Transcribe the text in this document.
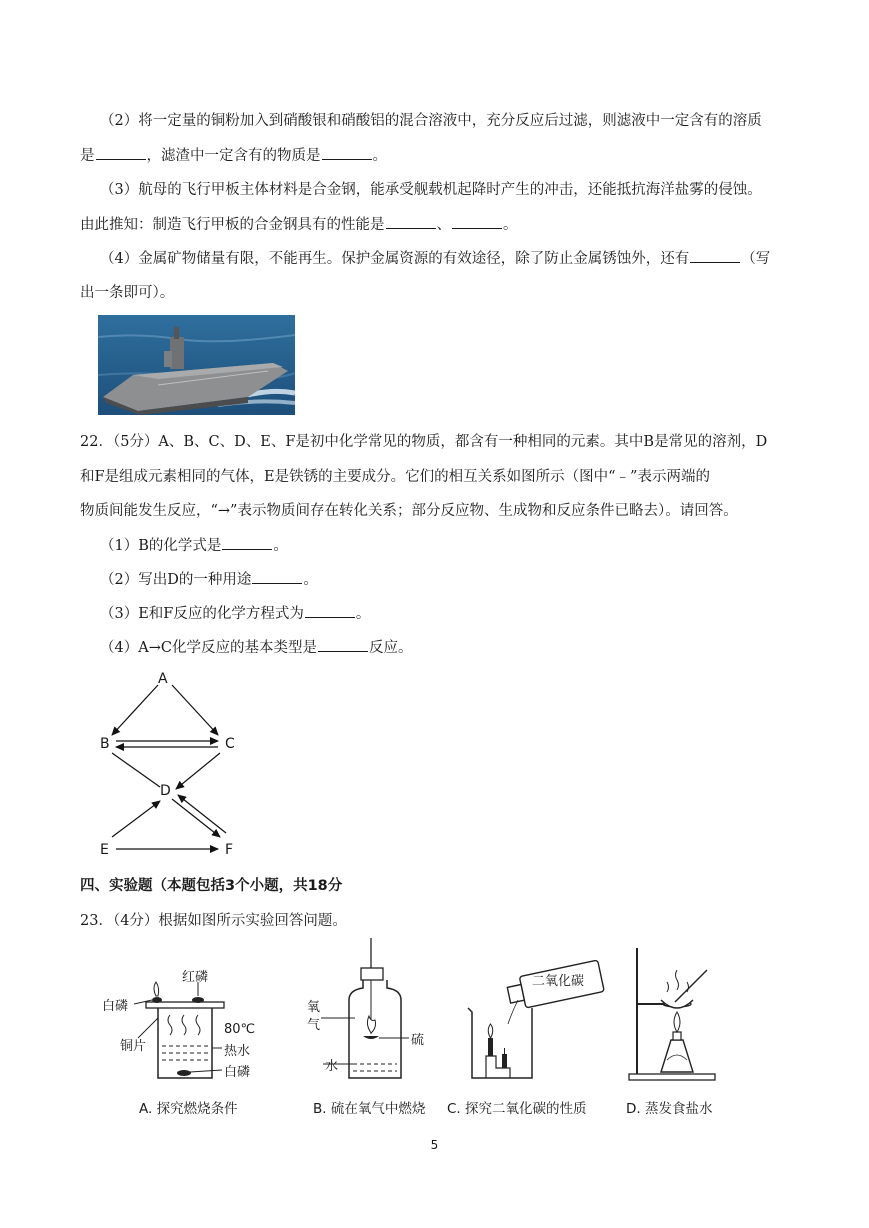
（2）将一定量的铜粉加入到硝酸银和硝酸铝的混合溶液中，充分反应后过滤，则滤液中一定含有的溶质
是	，滤渣中一定含有的物质是	。
（3）航母的飞行甲板主体材料是合金钢，能承受舰载机起降时产生的冲击，还能抵抗海洋盐雾的侵蚀。
由此推知：制造飞行甲板的合金钢具有的性能是	、	。
（4）金属矿物储量有限，不能再生。保护金属资源的有效途径，除了防止金属锈蚀外，还有	（写
出一条即可）。
22．（5分）A、B、C、D、E、F是初中化学常见的物质，都含有一种相同的元素。其中B是常见的溶剂，D
和F是组成元素相同的气体，E是铁锈的主要成分。它们的相互关系如图所示（图中“﹣”表示两端的
物质间能发生反应，“→”表示物质间存在转化关系；部分反应物、生成物和反应条件已略去）。请回答。
（1）B的化学式是	。
（2）写出D的一种用途	。
（3）E和F反应的化学方程式为	。
（4）A→C化学反应的基本类型是	反应。
A
B	C
D
E	F
四、实验题（本题包括3个小题，共18分
23．（4分）根据如图所示实验回答问题。
红磷
白磷
铜片
80℃
热水
白磷
氧
气
硫
水
二氧化碳
A. 探究燃烧条件	B. 硫在氧气中燃烧 C. 探究二氧化碳的性质	D. 蒸发食盐水
5
